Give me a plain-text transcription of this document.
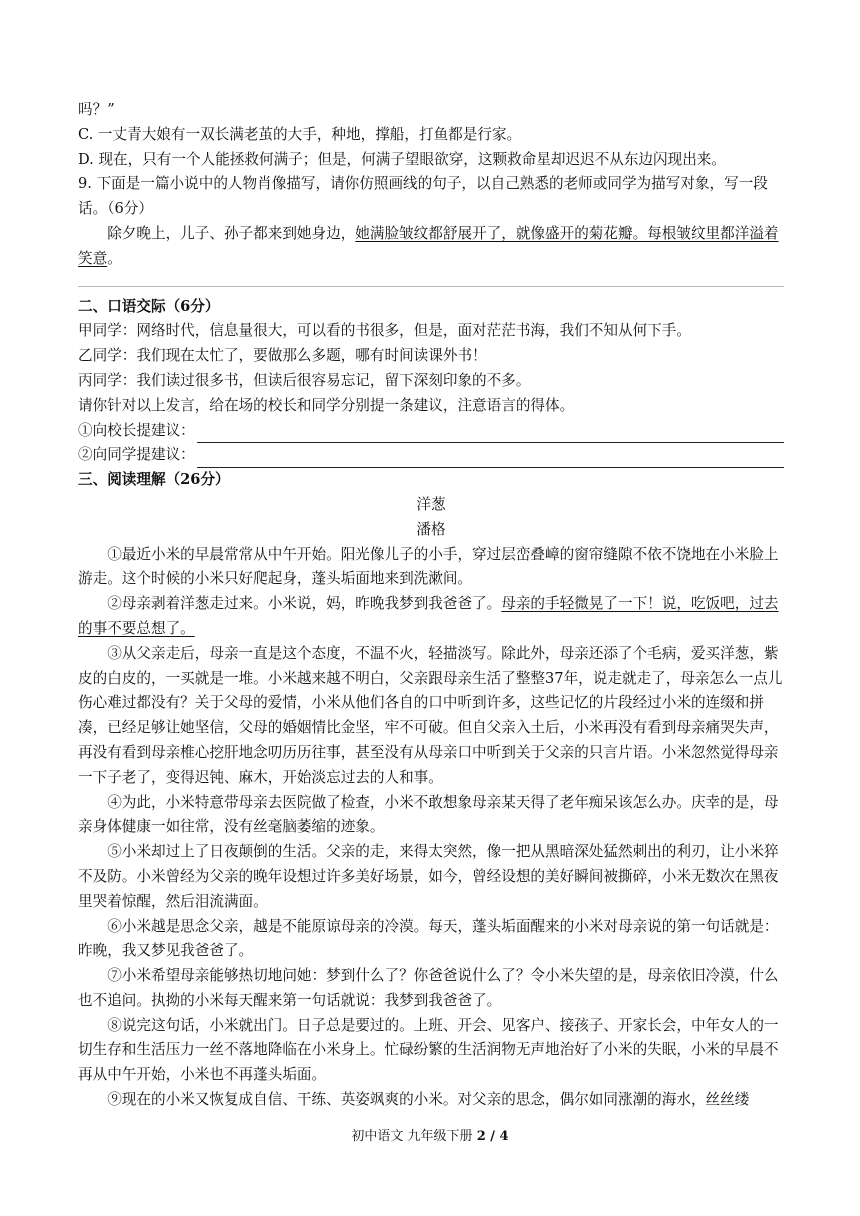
吗？”

C. 一丈青大娘有一双长满老茧的大手，种地，撑船，打鱼都是行家。

D. 现在，只有一个人能拯救何满子；但是，何满子望眼欲穿，这颗救命星却迟迟不从东边闪现出来。

9. 下面是一篇小说中的人物肖像描写，请你仿照画线的句子，以自己熟悉的老师或同学为描写对象，写一段话。（6分）

除夕晚上，儿子、孙子都来到她身边，她满脸皱纹都舒展开了，就像盛开的菊花瓣。每根皱纹里都洋溢着笑意。

二、口语交际（6分）

甲同学：网络时代，信息量很大，可以看的书很多，但是，面对茫茫书海，我们不知从何下手。

乙同学：我们现在太忙了，要做那么多题，哪有时间读课外书！

丙同学：我们读过很多书，但读后很容易忘记，留下深刻印象的不多。

请你针对以上发言，给在场的校长和同学分别提一条建议，注意语言的得体。

①向校长提建议：
②向同学提建议：

三、阅读理解（26分）

洋葱

潘格

①最近小米的早晨常常从中午开始。阳光像儿子的小手，穿过层峦叠嶂的窗帘缝隙不依不饶地在小米脸上游走。这个时候的小米只好爬起身，蓬头垢面地来到洗漱间。

②母亲剥着洋葱走过来。小米说，妈，昨晚我梦到我爸爸了。母亲的手轻微晃了一下！说，吃饭吧，过去的事不要总想了。

③从父亲走后，母亲一直是这个态度，不温不火，轻描淡写。除此外，母亲还添了个毛病，爱买洋葱，紫皮的白皮的，一买就是一堆。小米越来越不明白，父亲跟母亲生活了整整37年，说走就走了，母亲怎么一点儿伤心难过都没有？关于父母的爱情，小米从他们各自的口中听到许多，这些记忆的片段经过小米的连缀和拼凑，已经足够让她坚信，父母的婚姻情比金坚，牢不可破。但自父亲入土后，小米再没有看到母亲痛哭失声，再没有看到母亲椎心挖肝地念叨历历往事，甚至没有从母亲口中听到关于父亲的只言片语。小米忽然觉得母亲一下子老了，变得迟钝、麻木，开始淡忘过去的人和事。

④为此，小米特意带母亲去医院做了检查，小米不敢想象母亲某天得了老年痴呆该怎么办。庆幸的是，母亲身体健康一如往常，没有丝毫脑萎缩的迹象。

⑤小米却过上了日夜颠倒的生活。父亲的走，来得太突然，像一把从黑暗深处猛然刺出的利刃，让小米猝不及防。小米曾经为父亲的晚年设想过许多美好场景，如今，曾经设想的美好瞬间被撕碎，小米无数次在黑夜里哭着惊醒，然后泪流满面。

⑥小米越是思念父亲，越是不能原谅母亲的冷漠。每天，蓬头垢面醒来的小米对母亲说的第一句话就是：昨晚，我又梦见我爸爸了。

⑦小米希望母亲能够热切地问她：梦到什么了？你爸爸说什么了？令小米失望的是，母亲依旧冷漠，什么也不追问。执拗的小米每天醒来第一句话就说：我梦到我爸爸了。

⑧说完这句话，小米就出门。日子总是要过的。上班、开会、见客户、接孩子、开家长会，中年女人的一切生存和生活压力一丝不落地降临在小米身上。忙碌纷繁的生活润物无声地治好了小米的失眠，小米的早晨不再从中午开始，小米也不再蓬头垢面。

⑨现在的小米又恢复成自信、干练、英姿飒爽的小米。对父亲的思念，偶尔如同涨潮的海水，丝丝缕

初中语文 九年级下册 2 / 4
